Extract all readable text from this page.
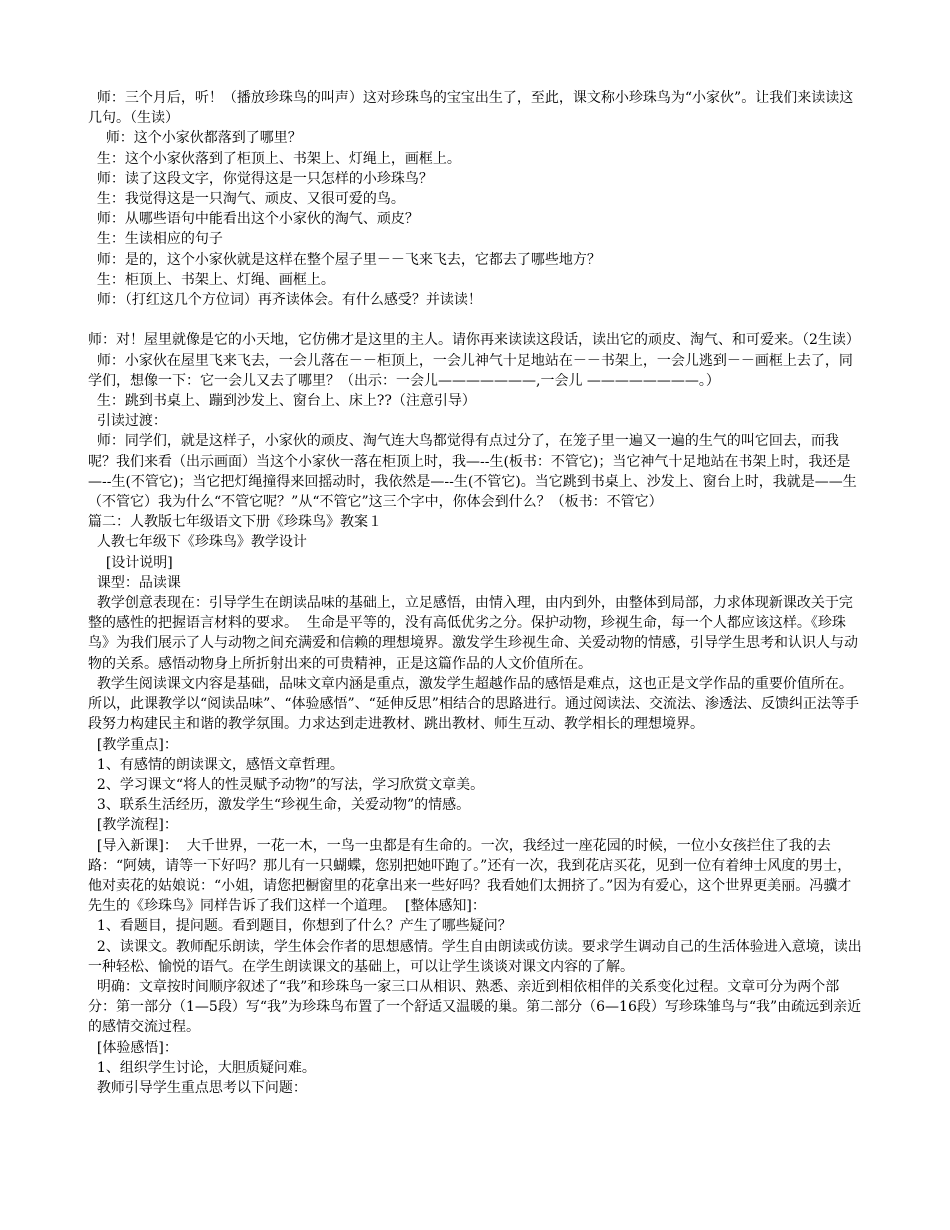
师：三个月后，听！（播放珍珠鸟的叫声）这对珍珠鸟的宝宝出生了，至此，课文称小珍珠鸟为“小家伙”。让我们来读读这几句。（生读）

师：这个小家伙都落到了哪里？

生：这个小家伙落到了柜顶上、书架上、灯绳上，画框上。

师：读了这段文字，你觉得这是一只怎样的小珍珠鸟？

生：我觉得这是一只淘气、顽皮、又很可爱的鸟。

师：从哪些语句中能看出这个小家伙的淘气、顽皮？

生：生读相应的句子

师：是的，这个小家伙就是这样在整个屋子里－－飞来飞去，它都去了哪些地方？

生：柜顶上、书架上、灯绳、画框上。

师：（打红这几个方位词）再齐读体会。有什么感受？并读读！

师：对！屋里就像是它的小天地，它仿佛才是这里的主人。请你再来读读这段话，读出它的顽皮、淘气、和可爱来。（2生读）

师：小家伙在屋里飞来飞去，一会儿落在－－柜顶上，一会儿神气十足地站在－－书架上，一会儿逃到－－画框上去了，同学们，想像一下：它一会儿又去了哪里？（出示：一会儿———————,一会儿 ————————。）

生：跳到书桌上、蹦到沙发上、窗台上、床上??（注意引导）

引读过渡：

师：同学们，就是这样子，小家伙的顽皮、淘气连大鸟都觉得有点过分了，在笼子里一遍又一遍的生气的叫它回去，而我呢？我们来看（出示画面）当这个小家伙一落在柜顶上时，我—--生(板书：不管它)；当它神气十足地站在书架上时，我还是—--生(不管它)；当它把灯绳撞得来回摇动时，我依然是—--生(不管它)。当它跳到书桌上、沙发上、窗台上时，我就是——生（不管它）我为什么“不管它呢？”从“不管它”这三个字中，你体会到什么？（板书：不管它）

篇二：人教版七年级语文下册《珍珠鸟》教案１

人教七年级下《珍珠鸟》教学设计

[设计说明]

课型：品读课

教学创意表现在：引导学生在朗读品味的基础上，立足感悟，由情入理，由内到外，由整体到局部，力求体现新课改关于完整的感性的把握语言材料的要求。  生命是平等的，没有高低优劣之分。保护动物，珍视生命，每一个人都应该这样。《珍珠鸟》为我们展示了人与动物之间充满爱和信赖的理想境界。激发学生珍视生命、关爱动物的情感，引导学生思考和认识人与动物的关系。感悟动物身上所折射出来的可贵精神，正是这篇作品的人文价值所在。

教学生阅读课文内容是基础，品味文章内涵是重点，激发学生超越作品的感悟是难点，这也正是文学作品的重要价值所在。所以，此课教学以“阅读品味”、“体验感悟”、“延伸反思”相结合的思路进行。通过阅读法、交流法、渗透法、反馈纠正法等手段努力构建民主和谐的教学氛围。力求达到走进教材、跳出教材、师生互动、教学相长的理想境界。

[教学重点]：

1、有感情的朗读课文，感悟文章哲理。

2、学习课文“将人的性灵赋予动物”的写法，学习欣赏文章美。

3、联系生活经历，激发学生“珍视生命，关爱动物”的情感。

[教学流程]：

[导入新课]：  大千世界，一花一木，一鸟一虫都是有生命的。一次，我经过一座花园的时候，一位小女孩拦住了我的去路：“阿姨，请等一下好吗？那儿有一只蝴蝶，您别把她吓跑了。”还有一次，我到花店买花，见到一位有着绅士风度的男士，他对卖花的姑娘说：“小姐，请您把橱窗里的花拿出来一些好吗？我看她们太拥挤了。”因为有爱心，这个世界更美丽。冯骥才先生的《珍珠鸟》同样告诉了我们这样一个道理。  [整体感知]：

1、看题目，提问题。看到题目，你想到了什么？产生了哪些疑问？

2、读课文。教师配乐朗读，学生体会作者的思想感情。学生自由朗读或仿读。要求学生调动自己的生活体验进入意境，读出一种轻松、愉悦的语气。在学生朗读课文的基础上，可以让学生谈谈对课文内容的了解。

明确：文章按时间顺序叙述了“我”和珍珠鸟一家三口从相识、熟悉、亲近到相依相伴的关系变化过程。文章可分为两个部分：第一部分（1—5段）写“我”为珍珠鸟布置了一个舒适又温暖的巢。第二部分（6—16段）写珍珠雏鸟与“我”由疏远到亲近的感情交流过程。

[体验感悟]：

1、组织学生讨论，大胆质疑问难。

教师引导学生重点思考以下问题：
